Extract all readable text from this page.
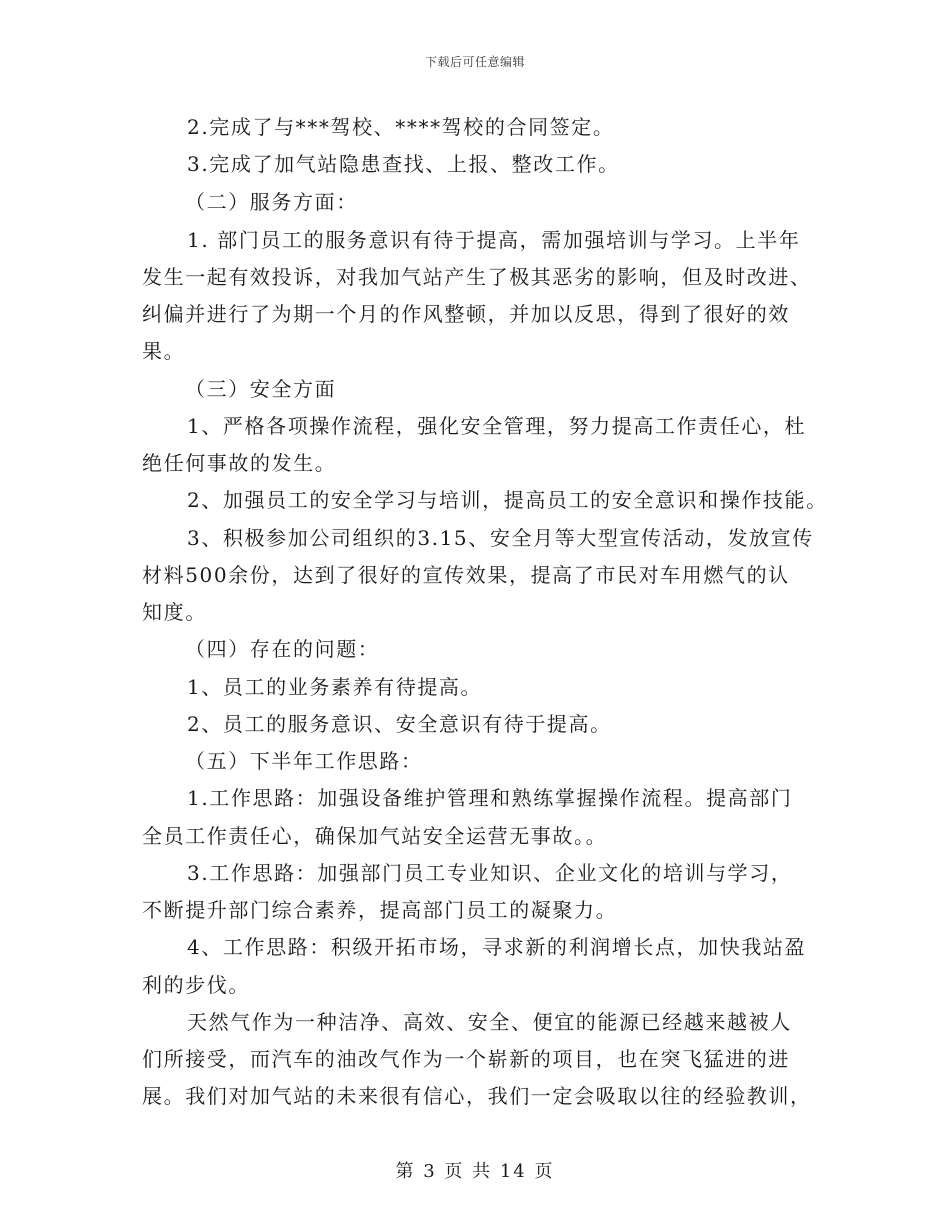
下载后可任意编辑
2.完成了与***驾校、****驾校的合同签定。
3.完成了加气站隐患查找、上报、整改工作。
（二）服务方面：
1. 部门员工的服务意识有待于提高，需加强培训与学习。上半年
发生一起有效投诉，对我加气站产生了极其恶劣的影响，但及时改进、
纠偏并进行了为期一个月的作风整顿，并加以反思，得到了很好的效
果。
（三）安全方面
1、严格各项操作流程，强化安全管理，努力提高工作责任心，杜
绝任何事故的发生。
2、加强员工的安全学习与培训，提高员工的安全意识和操作技能。
3、积极参加公司组织的3.15、安全月等大型宣传活动，发放宣传
材料500余份，达到了很好的宣传效果，提高了市民对车用燃气的认
知度。
（四）存在的问题：
1、员工的业务素养有待提高。
2、员工的服务意识、安全意识有待于提高。
（五）下半年工作思路：
1.工作思路：加强设备维护管理和熟练掌握操作流程。提高部门
全员工作责任心，确保加气站安全运营无事故。。
3.工作思路：加强部门员工专业知识、企业文化的培训与学习，
不断提升部门综合素养，提高部门员工的凝聚力。
4、工作思路：积级开拓市场，寻求新的利润增长点，加快我站盈
利的步伐。
天然气作为一种洁净、高效、安全、便宜的能源已经越来越被人
们所接受，而汽车的油改气作为一个崭新的项目，也在突飞猛进的进
展。我们对加气站的未来很有信心，我们一定会吸取以往的经验教训，
第 3 页 共 14 页
